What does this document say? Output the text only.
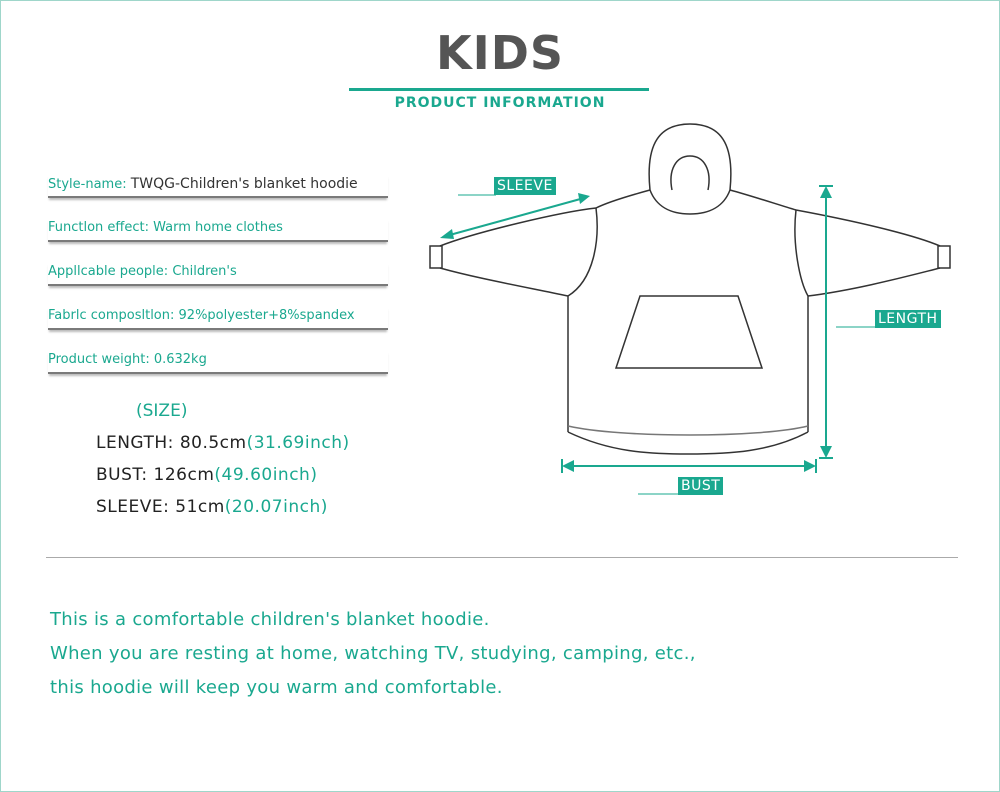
KIDS
PRODUCT INFORMATION
Style-name: TWQG-Children's blanket hoodie
Functlon effect: Warm home clothes
Appllcable people: Children's
Fabrlc composltlon: 92%polyester+8%spandex
Product weight: 0.632kg
(SIZE)
LENGTH: 80.5cm(31.69inch)
BUST: 126cm(49.60inch)
SLEEVE: 51cm(20.07inch)
SLEEVE
LENGTH
BUST
This is a comfortable children's blanket hoodie.
When you are resting at home, watching TV, studying, camping, etc.,
this hoodie will keep you warm and comfortable.
